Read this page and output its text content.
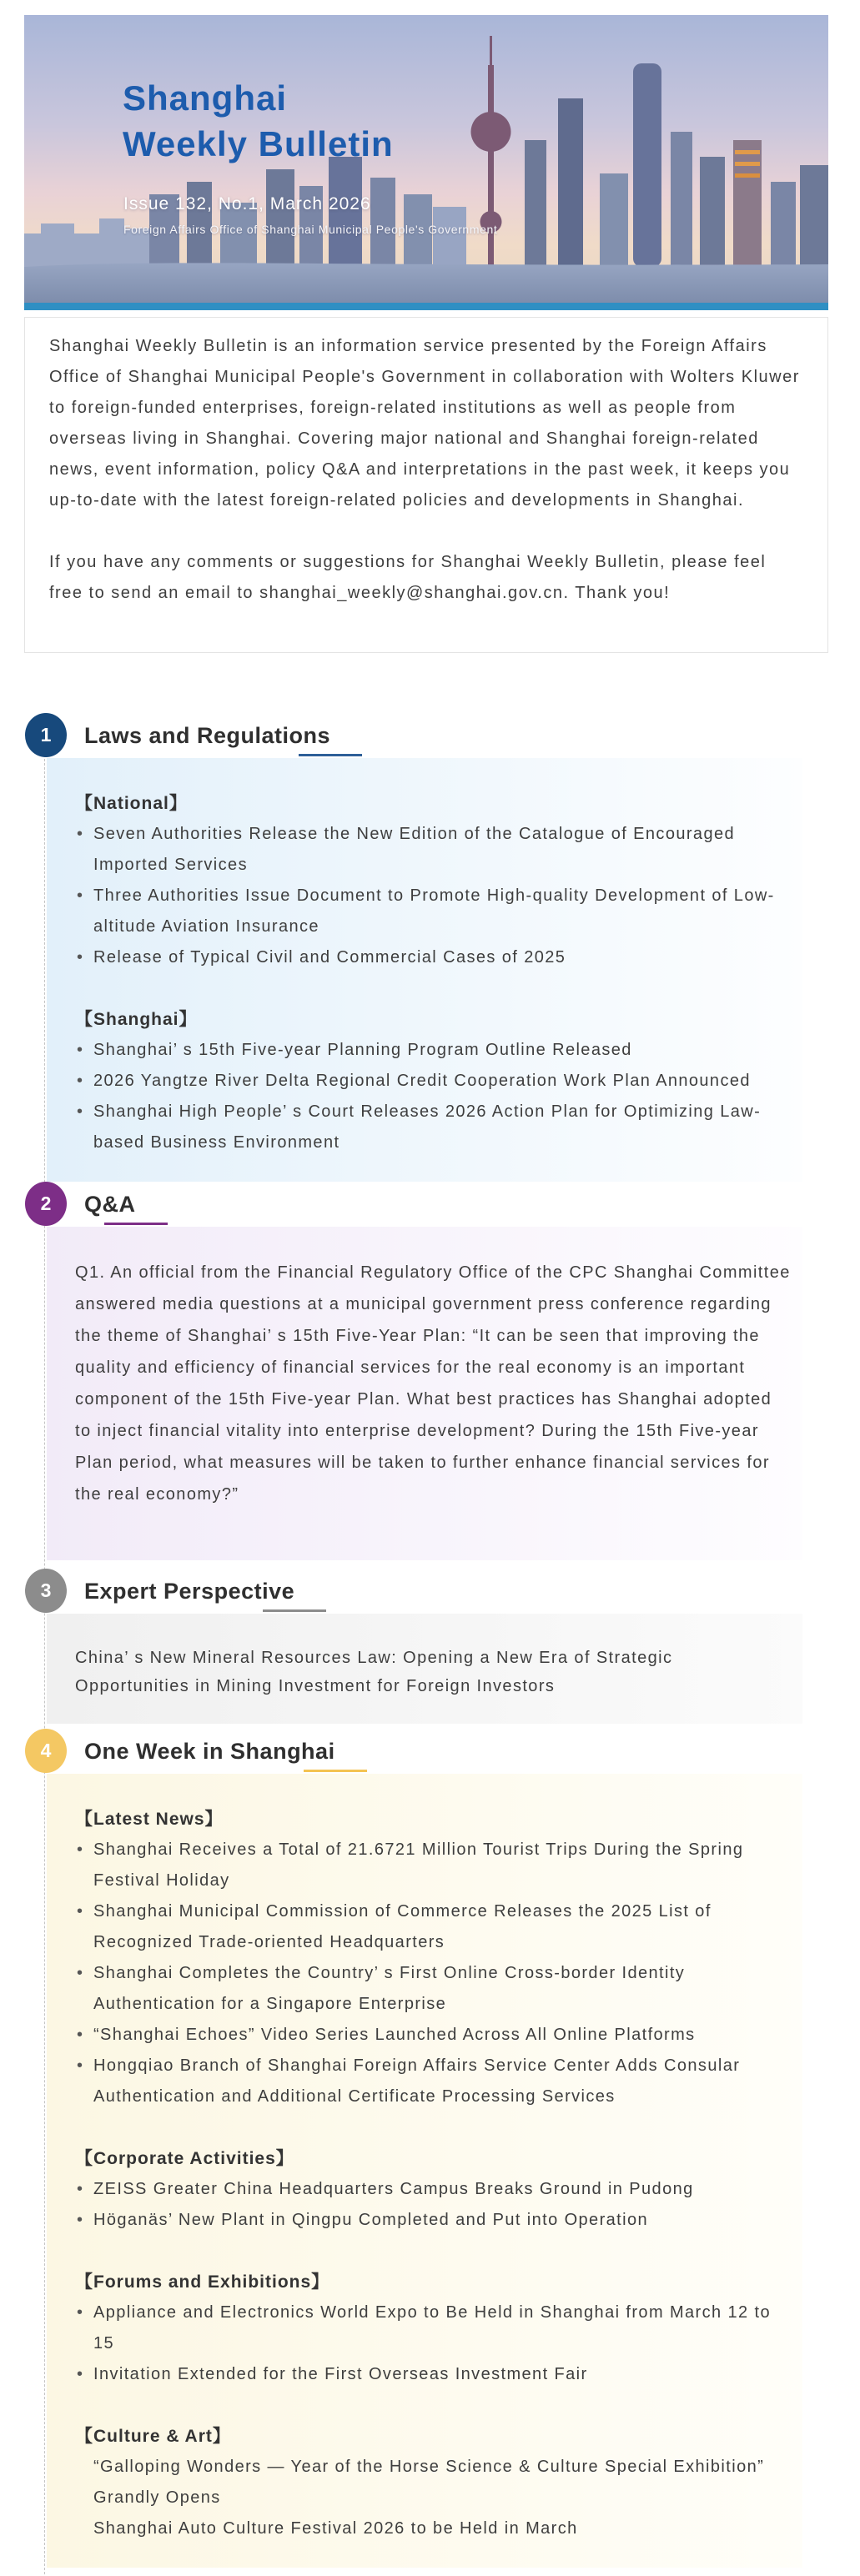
Shanghai
Weekly Bulletin
Issue 132, No.1, March 2026
Foreign Affairs Office of Shanghai Municipal People's Government

Shanghai Weekly Bulletin is an information service presented by the Foreign Affairs Office of Shanghai Municipal People's Government in collaboration with Wolters Kluwer to foreign-funded enterprises, foreign-related institutions as well as people from overseas living in Shanghai. Covering major national and Shanghai foreign-related news, event information, policy Q&A and interpretations in the past week, it keeps you up-to-date with the latest foreign-related policies and developments in Shanghai.

If you have any comments or suggestions for Shanghai Weekly Bulletin, please feel free to send an email to shanghai_weekly@shanghai.gov.cn. Thank you!

1	Laws and Regulations
【National】
• Seven Authorities Release the New Edition of the Catalogue of Encouraged Imported Services
• Three Authorities Issue Document to Promote High-quality Development of Low-altitude Aviation Insurance
• Release of Typical Civil and Commercial Cases of 2025
【Shanghai】
• Shanghai’ s 15th Five-year Planning Program Outline Released
• 2026 Yangtze River Delta Regional Credit Cooperation Work Plan Announced
• Shanghai High People’ s Court Releases 2026 Action Plan for Optimizing Law-based Business Environment
2	Q&A

Q1. An official from the Financial Regulatory Office of the CPC Shanghai Committee answered media questions at a municipal government press conference regarding the theme of Shanghai’ s 15th Five-Year Plan: “It can be seen that improving the quality and efficiency of financial services for the real economy is an important component of the 15th Five-year Plan. What best practices has Shanghai adopted to inject financial vitality into enterprise development? During the 15th Five-year Plan period, what measures will be taken to further enhance financial services for the real economy?”

3	Expert Perspective

China’ s New Mineral Resources Law: Opening a New Era of Strategic Opportunities in Mining Investment for Foreign Investors

4	One Week in Shanghai
【Latest News】
• Shanghai Receives a Total of 21.6721 Million Tourist Trips During the Spring Festival Holiday
• Shanghai Municipal Commission of Commerce Releases the 2025 List of Recognized Trade-oriented Headquarters
• Shanghai Completes the Country’ s First Online Cross-border Identity Authentication for a Singapore Enterprise
• “Shanghai Echoes” Video Series Launched Across All Online Platforms
• Hongqiao Branch of Shanghai Foreign Affairs Service Center Adds Consular Authentication and Additional Certificate Processing Services
【Corporate Activities】
• ZEISS Greater China Headquarters Campus Breaks Ground in Pudong
• Höganäs’ New Plant in Qingpu Completed and Put into Operation
【Forums and Exhibitions】
• Appliance and Electronics World Expo to Be Held in Shanghai from March 12 to 15
• Invitation Extended for the First Overseas Investment Fair
【Culture & Art】
“Galloping Wonders — Year of the Horse Science & Culture Special Exhibition” Grandly Opens
Shanghai Auto Culture Festival 2026 to be Held in March
